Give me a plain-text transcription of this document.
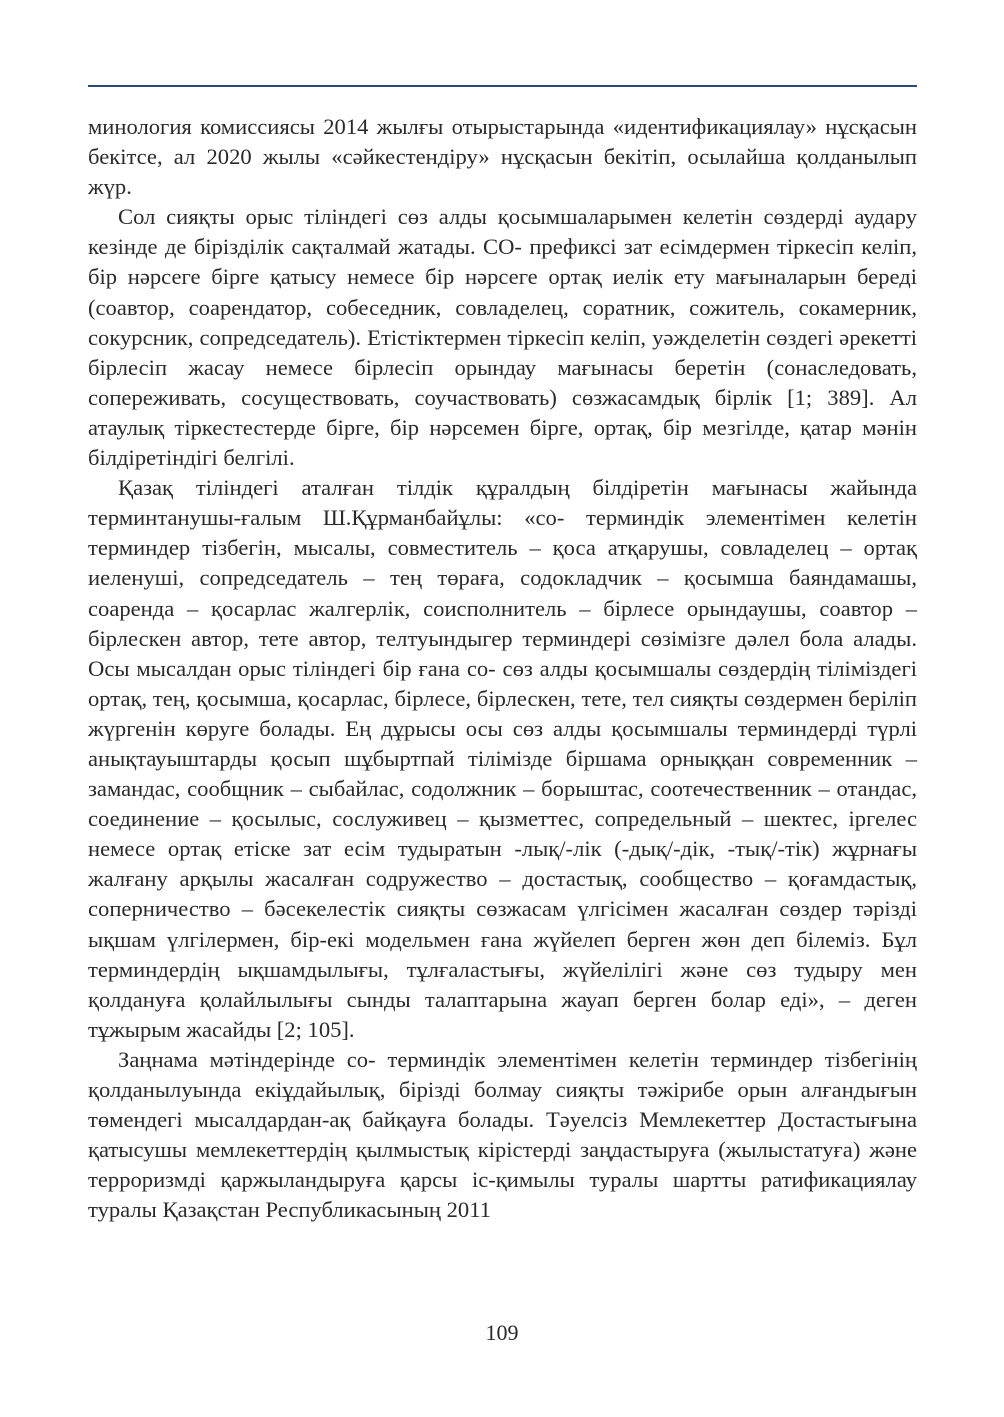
минология комиссиясы 2014 жылғы отырыстарында «идентификациялау» нұсқасын бекітсе, ал 2020 жылы «сәйкестендіру» нұсқасын бекітіп, осылайша қолданылып жүр.

Сол сияқты орыс тіліндегі сөз алды қосымшаларымен келетін сөздерді аудару кезінде де бірізділік сақталмай жатады. СО- префиксі зат есімдермен тіркесіп келіп, бір нәрсеге бірге қатысу немесе бір нәрсеге ортақ иелік ету мағыналарын береді (соавтор, соарендатор, собеседник, совладелец, соратник, сожитель, сокамерник, сокурсник, сопредседатель). Етістіктермен тіркесіп келіп, уәжделетін сөздегі әрекетті бірлесіп жасау немесе бірлесіп орындау мағынасы беретін (сонаследовать, сопереживать, сосуществовать, соучаствовать) сөзжасамдық бірлік [1; 389]. Ал атаулық тіркестестерде бірге, бір нәрсемен бірге, ортақ, бір мезгілде, қатар мәнін білдіретіндігі белгілі.

Қазақ тіліндегі аталған тілдік құралдың білдіретін мағынасы жайында терминтанушы-ғалым Ш.Құрманбайұлы: «со- терминдік элементімен келетін терминдер тізбегін, мысалы, совместитель – қоса атқарушы, совладелец – ортақ иеленуші, сопредседатель – тең төраға, содокладчик – қосымша баяндамашы, соаренда – қосарлас жалгерлік, соисполнитель – бірлесе орындаушы, соавтор – бірлескен автор, тете автор, телтуындыгер терминдері сөзімізге дәлел бола алады. Осы мысалдан орыс тіліндегі бір ғана со- сөз алды қосымшалы сөздердің тіліміздегі ортақ, тең, қосымша, қосарлас, бірлесе, бірлескен, тете, тел сияқты сөздермен беріліп жүргенін көруге болады. Ең дұрысы осы сөз алды қосымшалы терминдерді түрлі анықтауыштарды қосып шұбыртпай тілімізде біршама орныққан современник – замандас, сообщник – сыбайлас, содолжник – борыштас, соотечественник – отандас, соединение – қосылыс, сослуживец – қызметтес, сопредельный – шектес, іргелес немесе ортақ етіске зат есім тудыратын -лық/-лік (-дық/-дік, -тық/-тік) жұрнағы жалғану арқылы жасалған содружество – достастық, сообщество – қоғамдастық, соперничество – бәсекелестік сияқты сөзжасам үлгісімен жасалған сөздер тәрізді ықшам үлгілермен, бір-екі модельмен ғана жүйелеп берген жөн деп білеміз. Бұл терминдердің ықшамдылығы, тұлғаластығы, жүйелілігі және сөз тудыру мен қолдануға қолайлылығы сынды талаптарына жауап берген болар еді», – деген тұжырым жасайды [2; 105].

Заңнама мәтіндерінде со- терминдік элементімен келетін терминдер тізбегінің қолданылуында екіұдайылық, бірізді болмау сияқты тәжірибе орын алғандығын төмендегі мысалдардан-ақ байқауға болады. Тәуелсіз Мемлекеттер Достастығына қатысушы мемлекеттердің қылмыстық кірістерді заңдастыруға (жылыстатуға) және терроризмді қаржыландыруға қарсы іс-қимылы туралы шартты ратификациялау туралы Қазақстан Республикасының 2011

109
